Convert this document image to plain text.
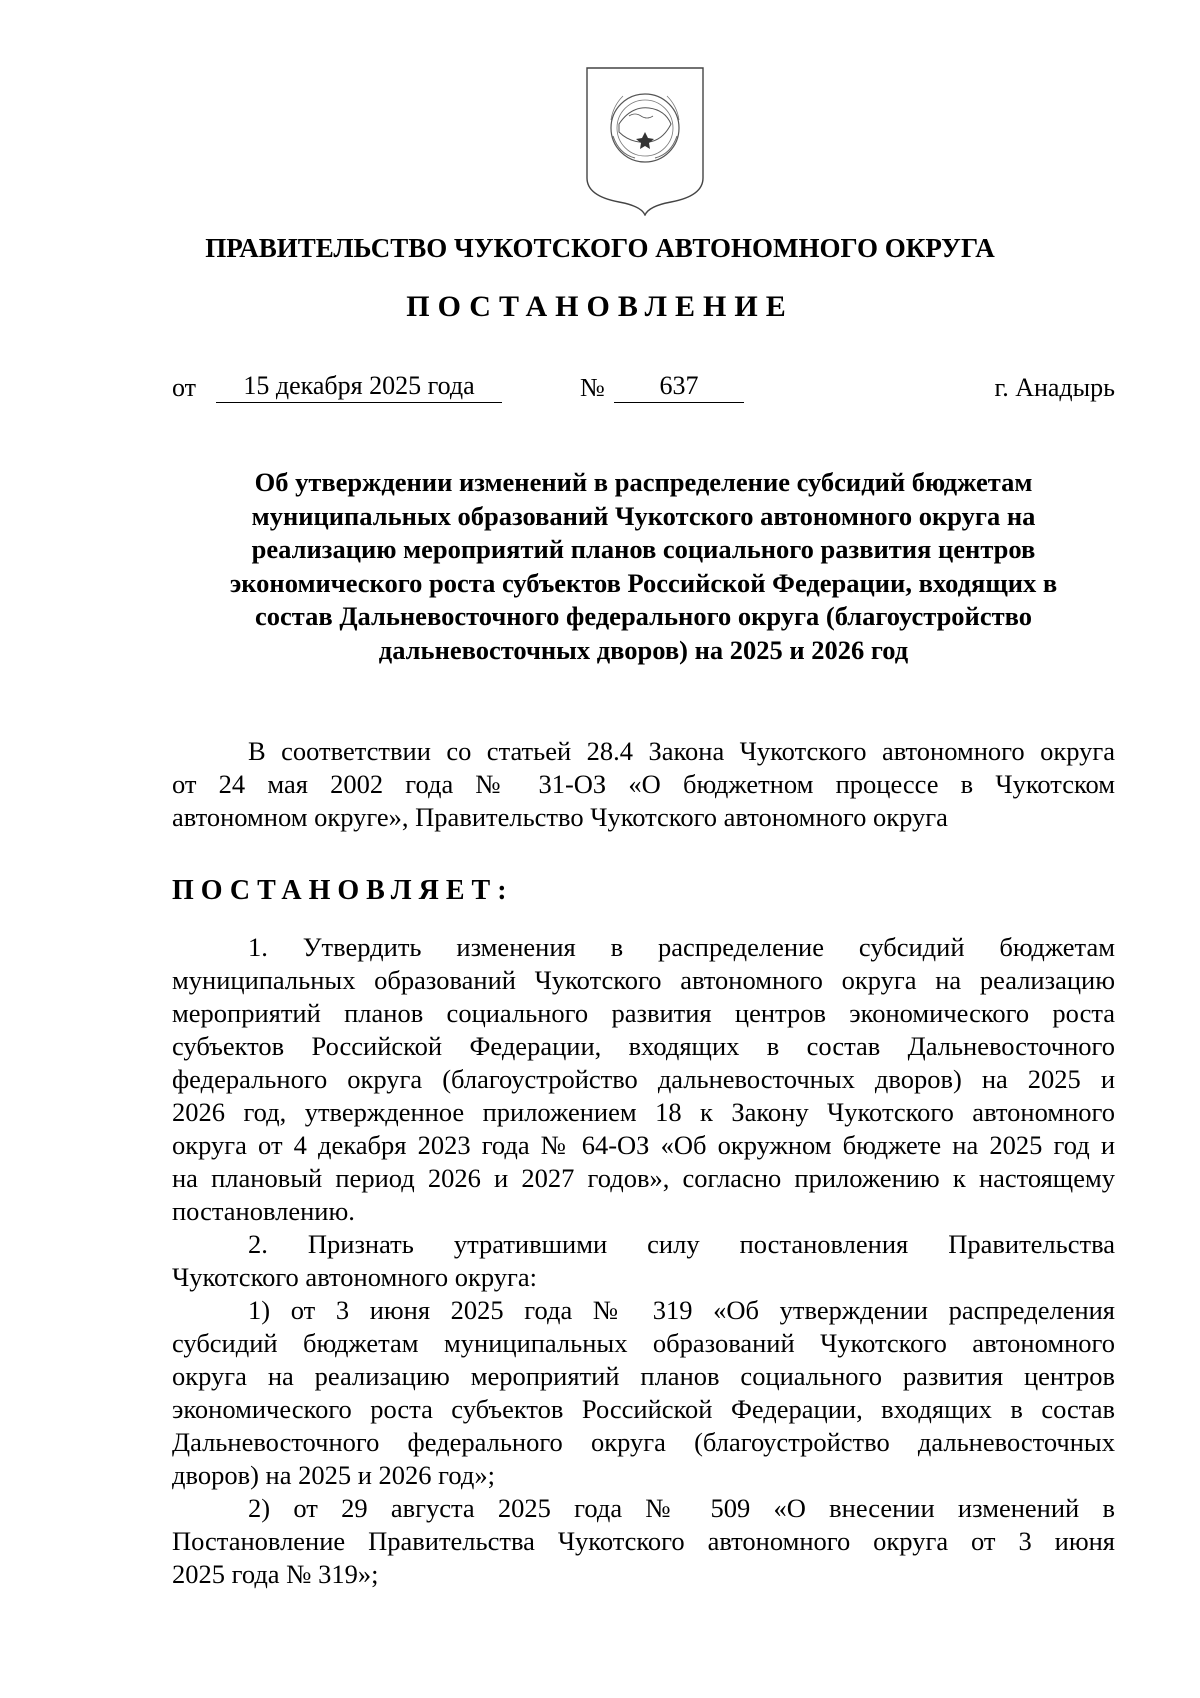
ПРАВИТЕЛЬСТВО ЧУКОТСКОГО АВТОНОМНОГО ОКРУГА
ПОСТАНОВЛЕНИЕ
от	15 декабря 2025 года	№	637	г. Анадырь
Об утверждении изменений в распределение субсидий бюджетам
муниципальных образований Чукотского автономного округа на
реализацию мероприятий планов социального развития центров
экономического роста субъектов Российской Федерации, входящих в
состав Дальневосточного федерального округа (благоустройство
дальневосточных дворов) на 2025 и 2026 год
В соответствии со статьей 28.4 Закона Чукотского автономного округа
от 24 мая 2002 года № 31-ОЗ «О бюджетном процессе в Чукотском
автономном округе», Правительство Чукотского автономного округа
ПОСТАНОВЛЯЕТ:
1. Утвердить изменения в распределение субсидий бюджетам
муниципальных образований Чукотского автономного округа на реализацию
мероприятий планов социального развития центров экономического роста
субъектов Российской Федерации, входящих в состав Дальневосточного
федерального округа (благоустройство дальневосточных дворов) на 2025 и
2026 год, утвержденное приложением 18 к Закону Чукотского автономного
округа от 4 декабря 2023 года № 64-ОЗ «Об окружном бюджете на 2025 год и
на плановый период 2026 и 2027 годов», согласно приложению к настоящему
постановлению.
2. Признать утратившими силу постановления Правительства
Чукотского автономного округа:
1) от 3 июня 2025 года № 319 «Об утверждении распределения
субсидий бюджетам муниципальных образований Чукотского автономного
округа на реализацию мероприятий планов социального развития центров
экономического роста субъектов Российской Федерации, входящих в состав
Дальневосточного федерального округа (благоустройство дальневосточных
дворов) на 2025 и 2026 год»;
2) от 29 августа 2025 года № 509 «О внесении изменений в
Постановление Правительства Чукотского автономного округа от 3 июня
2025 года № 319»;
